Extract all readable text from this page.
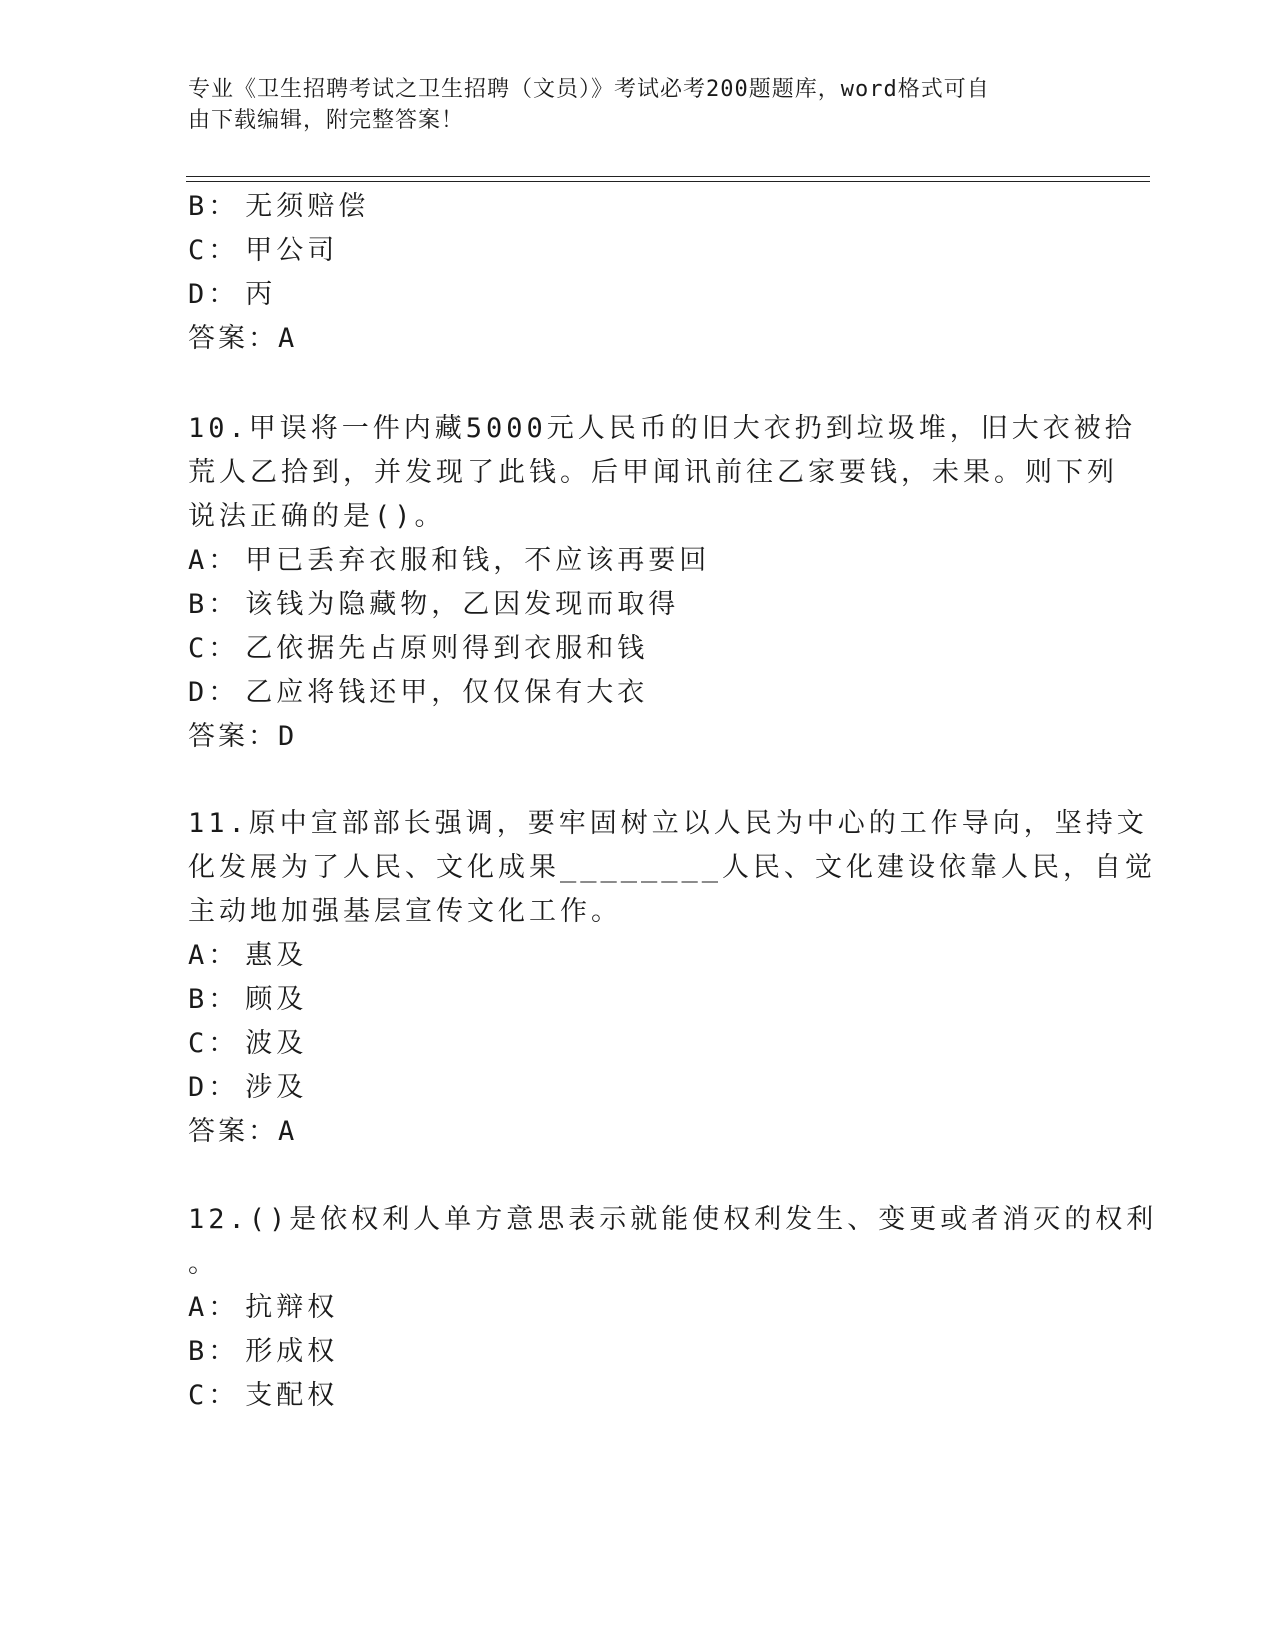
专业《卫生招聘考试之卫生招聘（文员）》考试必考200题题库，word格式可自
由下载编辑，附完整答案！
B： 无须赔偿
C： 甲公司
D： 丙
答案：A
10.甲误将一件内藏5000元人民币的旧大衣扔到垃圾堆，旧大衣被拾
荒人乙拾到，并发现了此钱。后甲闻讯前往乙家要钱，未果。则下列
说法正确的是()。
A： 甲已丢弃衣服和钱，不应该再要回
B： 该钱为隐藏物，乙因发现而取得
C： 乙依据先占原则得到衣服和钱
D： 乙应将钱还甲，仅仅保有大衣
答案：D
11.原中宣部部长强调，要牢固树立以人民为中心的工作导向，坚持文
化发展为了人民、文化成果________人民、文化建设依靠人民，自觉
主动地加强基层宣传文化工作。
A： 惠及
B： 顾及
C： 波及
D： 涉及
答案：A
12.()是依权利人单方意思表示就能使权利发生、变更或者消灭的权利
。
A： 抗辩权
B： 形成权
C： 支配权
